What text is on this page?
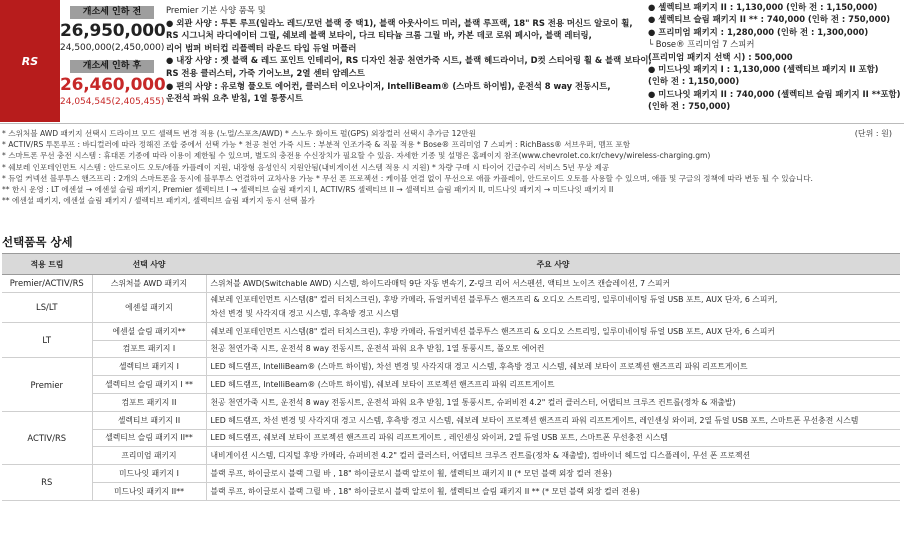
RS
개소세 인하 전
26,950,000
24,500,000(2,450,000)
개소세 인하 후
26,460,000
24,054,545(2,405,455)
Premier 기본 사양 품목 및
● 외관 사양 : 투톤 루프(일라노 레드/모던 블랙 중 택1), 블랙 아웃사이드 미러, 블랙 루프랙, 18" RS 전용 머신드 알로이 휠,
RS 시그니처 라디에이터 그릴, 쉐보레 블랙 보타이, 다크 티타늄 크롬 그릴 바, 카본 데코 로워 페시아, 블랙 레터링,
리어 범퍼 버터컵 리플렉터 라운드 타입 듀얼 머플러
● 내장 사양 : 젯 블랙 & 레드 포인트 인테리어, RS 디자인 천공 천연가죽 시트, 블랙 헤드라이너, D컷 스티어링 휠 & 블랙 보타이,
RS 전용 클러스터, 가죽 기어노브, 2열 센터 암레스트
● 편의 사양 : 유로형 풀오토 에어컨, 클러스터 이오나이저, IntelliBeam® (스마트 하이빔), 운전석 8 way 전동시트,
운전석 파워 요추 받침, 1열 통풍시트
● 셀렉티브 패키지 II : 1,130,000 (인하 전 : 1,150,000)
● 셀렉티브 슬림 패키지 II ** : 740,000 (인하 전 : 750,000)
● 프리미엄 패키지 : 1,280,000 (인하 전 : 1,300,000)
└ Bose® 프리미엄 7 스피커
(프리미엄 패키지 선택 시) : 500,000
● 미드나잇 패키지 I : 1,130,000 (셀렉티브 패키지 II 포함)
(인하 전 : 1,150,000)
● 미드나잇 패키지 II : 740,000 (셀렉티브 슬림 패키지 II **포함)
(인하 전 : 750,000)
(단위 : 원)
* 스위처블 AWD 패키지 선택시 드라이브 모드 셀렉트 변경 적용 (노멀/스포츠/AWD) * 스노우 화이트 펄(GPS) 외장컬러 선택시 추가금 12만원
* ACTIV/RS 투톤루프 : 바디컬러에 따라 정해진 조합 중에서 선택 가능 * 천공 천연 가죽 시트 : 부분적 인조가죽 & 직물 적용 * Bose® 프리미엄 7 스피커 : RichBass® 서브우퍼, 멤프 포함
* 스마트폰 무선 충전 시스템 : 휴대폰 기종에 따라 이용이 제한될 수 있으며, 별도의 충전용 수신장치가 필요할 수 있음. 자세한 기종 및 설명은 홈페이지 참조(www.chevrolet.co.kr/chevy/wireless-charging.gm)
* 쉐보레 인포테인먼트 시스템 : 안드로이드 오토/애플 카플레이 지원, 내장형 음성인식 지원안됨(내비게이션 시스템 적용 시 지원) * 차량 구매 시 타이어 긴급수리 서비스 5년 무상 제공
* 듀얼 커넥션 블루투스 핸즈프리 : 2개의 스마트폰을 동시에 블루투스 연결하여 교차사용 가능 * 무선 폰 프로젝션 : 케이블 연결 없이 무선으로 애플 카플레이, 안드로이드 오토를 사용할 수 있으며, 애플 및 구글의 정책에 따라 변동 될 수 있습니다.
** 한시 운영 : LT 에센셜 → 에센셜 슬림 패키지, Premier 셀렉티브 I → 셀렉티브 슬림 패키지 I, ACTIV/RS 셀렉티브 II → 셀렉티브 슬림 패키지 II, 미드나잇 패키지 → 미드나잇 패키지 II
** 에센셜 패키지, 에센셜 슬림 패키지 / 셀렉티브 패키지, 셀렉티브 슬림 패키지 동시 선택 불가
선택품목 상세
적용 트림	선택 사양	주요 사양
Premier/ACTIV/RS	스위처블 AWD 패키지	스위처블 AWD(Switchable AWD) 시스템, 하이드라매틱 9단 자동 변속기, Z-링크 리어 서스펜션, 액티브 노이즈 캔슬레이션, 7 스피커
LS/LT	에센셜 패키지	쉐보레 인포테인먼트 시스템(8" 컬러 터치스크린), 후방 카메라, 듀얼커넥션 블루투스 핸즈프리 & 오디오 스트리밍, 일루미네이팅 듀얼 USB 포트, AUX 단자, 6 스피커,
차선 변경 및 사각지대 경고 시스템, 후측방 경고 시스템

LT	에센셜 슬림 패키지**	쉐보레 인포테인먼트 시스템(8" 컬러 터치스크린), 후방 카메라, 듀얼커넥션 블루투스 핸즈프리 & 오디오 스트리밍, 일루미네이팅 듀얼 USB 포트, AUX 단자, 6 스피커
	컴포트 패키지 I	천공 천연가죽 시트, 운전석 8 way 전동시트, 운전석 파워 요추 받침, 1열 통풍시트, 풀오토 에어컨
Premier	셀렉티브 패키지 I	LED 헤드램프, IntelliBeam® (스마트 하이빔), 차선 변경 및 사각지대 경고 시스템, 후측방 경고 시스템, 쉐보레 보타이 프로젝션 핸즈프리 파워 리프트게이트
	셀렉티브 슬림 패키지 I **	LED 헤드램프, IntelliBeam® (스마트 하이빔), 쉐보레 보타이 프로젝션 핸즈프리 파워 리프트게이트
	컴포트 패키지 II	천공 천연가죽 시트, 운전석 8 way 전동시트, 운전석 파워 요추 받침, 1열 통풍시트, 슈퍼비전 4.2" 컬러 클러스터, 어댑티브 크루즈 컨트롤(정차 & 재출발)
ACTIV/RS	셀렉티브 패키지 II	LED 헤드램프, 차선 변경 및 사각지대 경고 시스템, 후측방 경고 시스템, 쉐보레 보타이 프로젝션 핸즈프리 파워 리프트게이트, 레인센싱 와이퍼, 2열 듀얼 USB 포트, 스마트폰 무선충전 시스템
	셀렉티브 슬림 패키지 II**	LED 헤드램프, 쉐보레 보타이 프로젝션 핸즈프리 파워 리프트게이트 , 레인센싱 와이퍼, 2열 듀얼 USB 포트, 스마트폰 무선충전 시스템
	프리미엄 패키지	내비게이션 시스템, 디지털 후방 카메라, 슈퍼비전 4.2" 컬러 클러스터, 어댑티브 크루즈 컨트롤(정차 & 재출발), 컴바이너 헤드업 디스플레이, 무선 폰 프로젝션
RS	미드나잇 패키지 I	블랙 루프, 하이글로시 블랙 그릴 바 , 18" 하이글로시 블랙 알로이 휠, 셀렉티브 패키지 II (* 모던 블랙 외장 컬러 전용)
	미드나잇 패키지 II**	블랙 루프, 하이글로시 블랙 그릴 바 , 18" 하이글로시 블랙 알로이 휠, 셀렉티브 슬림 패키지 II ** (* 모던 블랙 외장 컬러 전용)
